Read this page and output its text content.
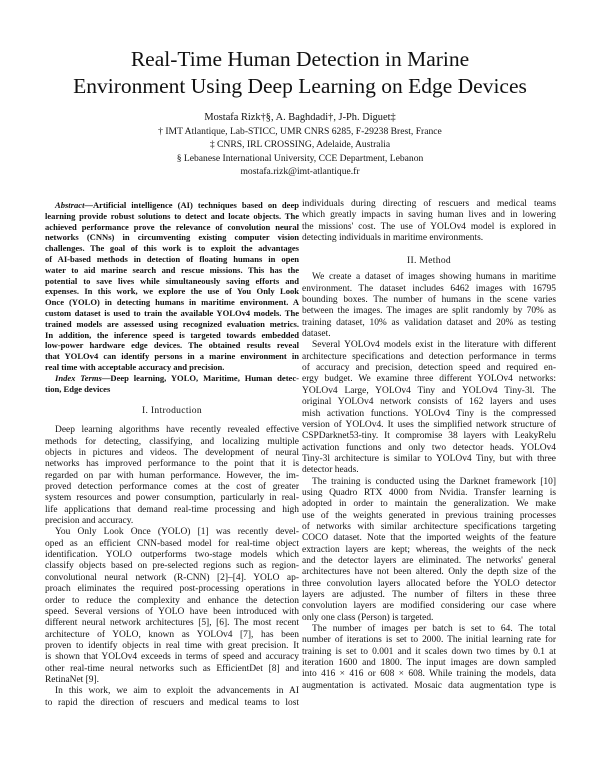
Real-Time Human Detection in Marine
Environment Using Deep Learning on Edge Devices
Mostafa Rizk†§, A. Baghdadi†, J-Ph. Diguet‡
† IMT Atlantique, Lab-STICC, UMR CNRS 6285, F-29238 Brest, France
‡ CNRS, IRL CROSSING, Adelaide, Australia
§ Lebanese International University, CCE Department, Lebanon
mostafa.rizk@imt-atlantique.fr
Abstract—Artificial intelligence (AI) techniques based on deep
learning provide robust solutions to detect and locate objects. The
achieved performance prove the relevance of convolution neural
networks (CNNs) in circumventing existing computer vision
challenges. The goal of this work is to exploit the advantages
of AI-based methods in detection of floating humans in open
water to aid marine search and rescue missions. This has the
potential to save lives while simultaneously saving efforts and
expenses. In this work, we explore the use of You Only Look
Once (YOLO) in detecting humans in maritime environment. A
custom dataset is used to train the available YOLOv4 models. The
trained models are assessed using recognized evaluation metrics.
In addition, the inference speed is targeted towards embedded
low-power hardware edge devices. The obtained results reveal
that YOLOv4 can identify persons in a marine environment in
real time with acceptable accuracy and precision.
Index Terms—Deep learning, YOLO, Maritime, Human detec-
tion, Edge devices
I. Introduction
Deep learning algorithms have recently revealed effective
methods for detecting, classifying, and localizing multiple
objects in pictures and videos. The development of neural
networks has improved performance to the point that it is
regarded on par with human performance. However, the im-
proved detection performance comes at the cost of greater
system resources and power consumption, particularly in real-
life applications that demand real-time processing and high
precision and accuracy.
You Only Look Once (YOLO) [1] was recently devel-
oped as an efficient CNN-based model for real-time object
identification. YOLO outperforms two-stage models which
classify objects based on pre-selected regions such as region-
convolutional neural network (R-CNN) [2]–[4]. YOLO ap-
proach eliminates the required post-processing operations in
order to reduce the complexity and enhance the detection
speed. Several versions of YOLO have been introduced with
different neural network architectures [5], [6]. The most recent
architecture of YOLO, known as YOLOv4 [7], has been
proven to identify objects in real time with great precision. It
is shown that YOLOv4 exceeds in terms of speed and accuracy
other real-time neural networks such as EfficientDet [8] and
RetinaNet [9].
In this work, we aim to exploit the advancements in AI
to rapid the direction of rescuers and medical teams to lost
individuals during directing of rescuers and medical teams
which greatly impacts in saving human lives and in lowering
the missions' cost. The use of YOLOv4 model is explored in
detecting individuals in maritime environments.
II. Method
We create a dataset of images showing humans in maritime
environment. The dataset includes 6462 images with 16795
bounding boxes. The number of humans in the scene varies
between the images. The images are split randomly by 70% as
training dataset, 10% as validation dataset and 20% as testing
dataset.
Several YOLOv4 models exist in the literature with different
architecture specifications and detection performance in terms
of accuracy and precision, detection speed and required en-
ergy budget. We examine three different YOLOv4 networks:
YOLOv4 Large, YOLOv4 Tiny and YOLOv4 Tiny-3l. The
original YOLOv4 network consists of 162 layers and uses
mish activation functions. YOLOv4 Tiny is the compressed
version of YOLOv4. It uses the simplified network structure of
CSPDarknet53-tiny. It compromise 38 layers with LeakyRelu
activation functions and only two detector heads. YOLOv4
Tiny-3l architecture is similar to YOLOv4 Tiny, but with three
detector heads.
The training is conducted using the Darknet framework [10]
using Quadro RTX 4000 from Nvidia. Transfer learning is
adopted in order to maintain the generalization. We make
use of the weights generated in previous training processes
of networks with similar architecture specifications targeting
COCO dataset. Note that the imported weights of the feature
extraction layers are kept; whereas, the weights of the neck
and the detector layers are eliminated. The networks' general
architectures have not been altered. Only the depth size of the
three convolution layers allocated before the YOLO detector
layers are adjusted. The number of filters in these three
convolution layers are modified considering our case where
only one class (Person) is targeted.
The number of images per batch is set to 64. The total
number of iterations is set to 2000. The initial learning rate for
training is set to 0.001 and it scales down two times by 0.1 at
iteration 1600 and 1800. The input images are down sampled
into 416 × 416 or 608 × 608. While training the models, data
augmentation is activated. Mosaic data augmentation type is
